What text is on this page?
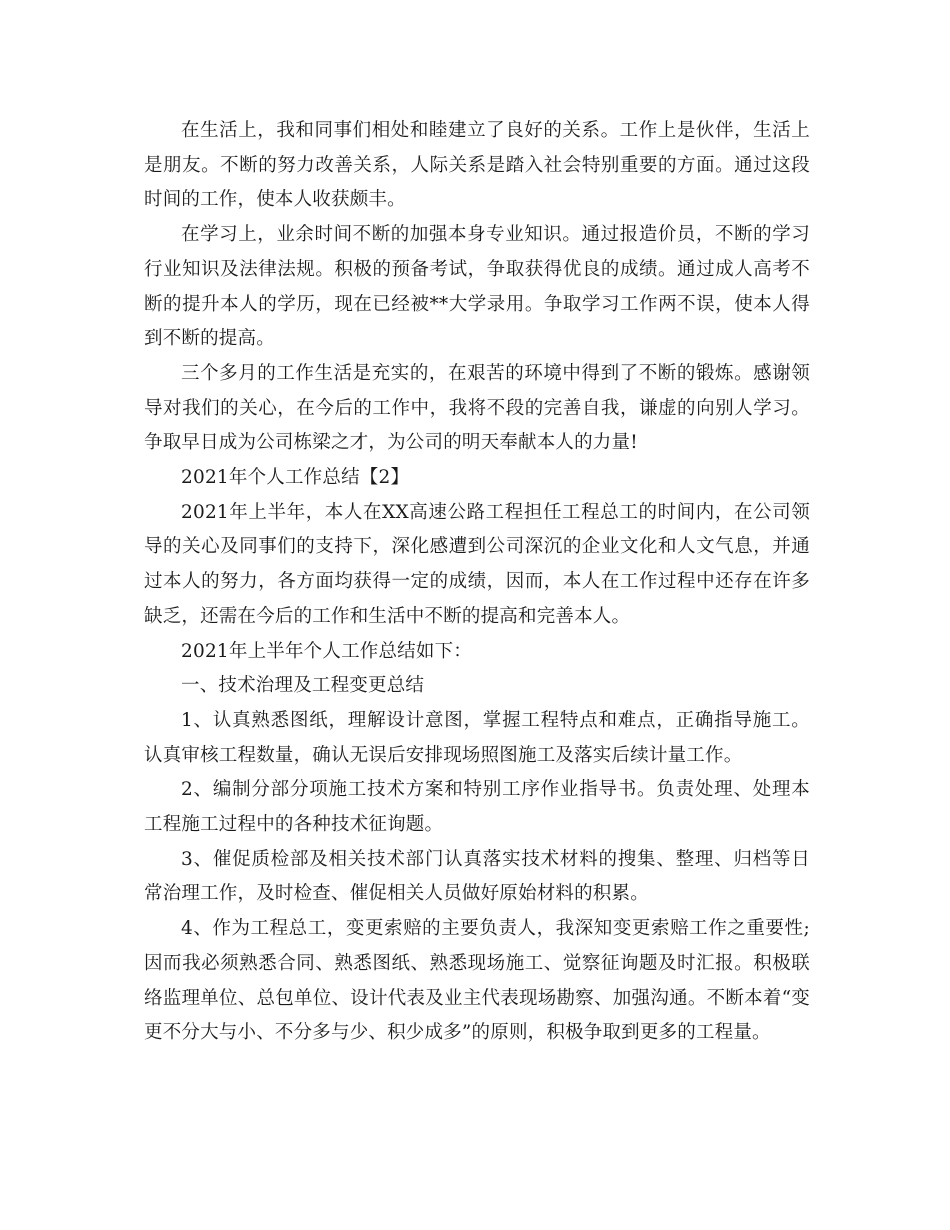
在生活上，我和同事们相处和睦建立了良好的关系。工作上是伙伴，生活上是朋友。不断的努力改善关系，人际关系是踏入社会特别重要的方面。通过这段时间的工作，使本人收获颇丰。

在学习上，业余时间不断的加强本身专业知识。通过报造价员，不断的学习行业知识及法律法规。积极的预备考试，争取获得优良的成绩。通过成人高考不断的提升本人的学历，现在已经被**大学录用。争取学习工作两不误，使本人得到不断的提高。

三个多月的工作生活是充实的，在艰苦的环境中得到了不断的锻炼。感谢领导对我们的关心，在今后的工作中，我将不段的完善自我，谦虚的向别人学习。争取早日成为公司栋梁之才，为公司的明天奉献本人的力量!

2021年个人工作总结【2】

2021年上半年，本人在XX高速公路工程担任工程总工的时间内，在公司领导的关心及同事们的支持下，深化感遭到公司深沉的企业文化和人文气息，并通过本人的努力，各方面均获得一定的成绩，因而，本人在工作过程中还存在许多缺乏，还需在今后的工作和生活中不断的提高和完善本人。

2021年上半年个人工作总结如下：

一、技术治理及工程变更总结

1、认真熟悉图纸，理解设计意图，掌握工程特点和难点，正确指导施工。认真审核工程数量，确认无误后安排现场照图施工及落实后续计量工作。

2、编制分部分项施工技术方案和特别工序作业指导书。负责处理、处理本工程施工过程中的各种技术征询题。

3、催促质检部及相关技术部门认真落实技术材料的搜集、整理、归档等日常治理工作，及时检查、催促相关人员做好原始材料的积累。

4、作为工程总工，变更索赔的主要负责人，我深知变更索赔工作之重要性;因而我必须熟悉合同、熟悉图纸、熟悉现场施工、觉察征询题及时汇报。积极联络监理单位、总包单位、设计代表及业主代表现场勘察、加强沟通。不断本着“变更不分大与小、不分多与少、积少成多”的原则，积极争取到更多的工程量。
